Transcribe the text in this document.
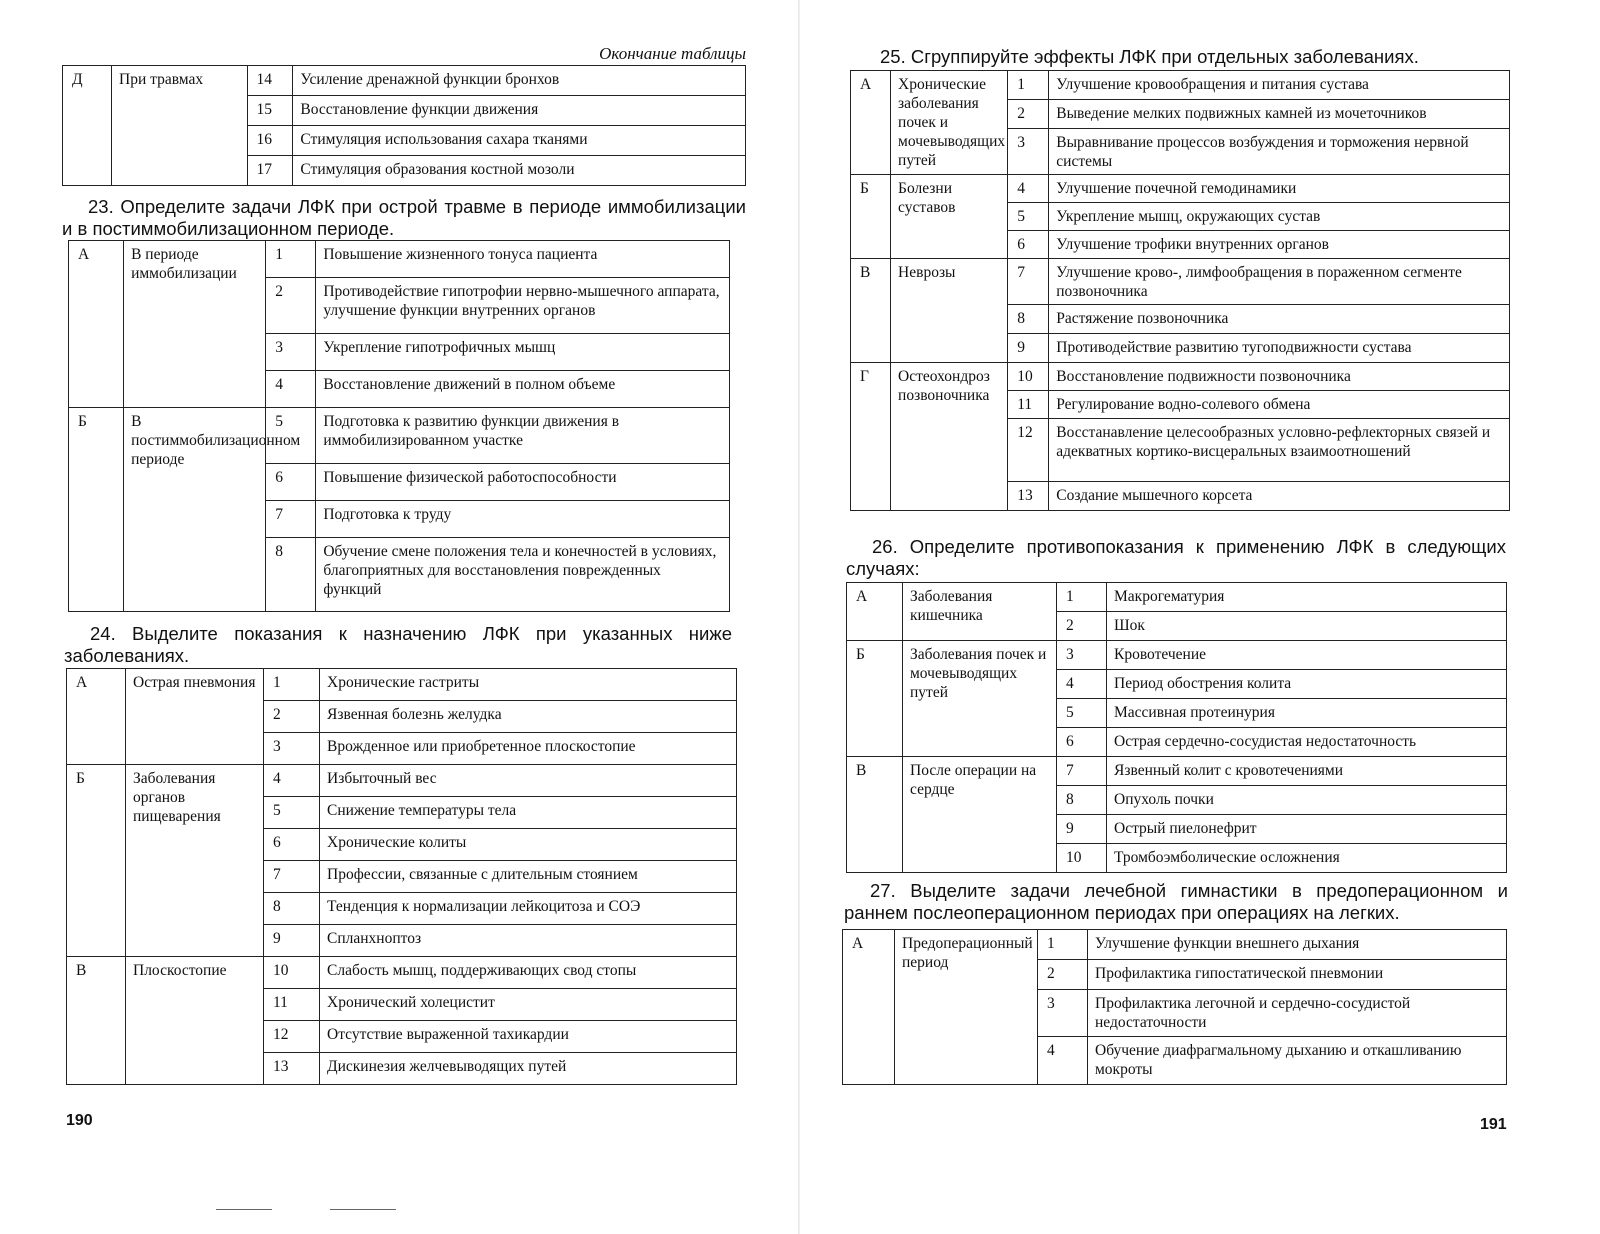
Окончание таблицы
Д	При травмах	14	Усиление дренажной функции бронхов
		15	Восстановление функции движения
		16	Стимуляция использования сахара тканями
		17	Стимуляция образования костной мозоли

23. Определите задачи ЛФК при острой травме в периоде иммобилизации и в постиммобилизационном периоде.

А	В периоде иммобилизации	1	Повышение жизненного тонуса пациента
		2	Противодействие гипотрофии нервно-мышечного аппарата, улучшение функции внутренних органов
		3	Укрепление гипотрофичных мышц
		4	Восстановление движений в полном объеме
Б	В постиммобилизационном периоде	5	Подготовка к развитию функции движения в иммобилизированном участке
		6	Повышение физической работоспособности
		7	Подготовка к труду
		8	Обучение смене положения тела и конечностей в условиях, благоприятных для восстановления поврежденных функций

24. Выделите показания к назначению ЛФК при указанных ниже заболеваниях.

А	Острая пневмония	1	Хронические гастриты
		2	Язвенная болезнь желудка
		3	Врожденное или приобретенное плоскостопие
Б	Заболевания органов пищеварения	4	Избыточный вес
		5	Снижение температуры тела
		6	Хронические колиты
		7	Профессии, связанные с длительным стоянием
		8	Тенденция к нормализации лейкоцитоза и СОЭ
		9	Спланхноптоз
В	Плоскостопие	10	Слабость мышц, поддерживающих свод стопы
		11	Хронический холецистит
		12	Отсутствие выраженной тахикардии
		13	Дискинезия желчевыводящих путей
190

25. Сгруппируйте эффекты ЛФК при отдельных заболеваниях.

А	Хронические заболевания почек и мочевыводящих путей	1	Улучшение кровообращения и питания сустава
		2	Выведение мелких подвижных камней из мочеточников
		3	Выравнивание процессов возбуждения и торможения нервной системы
Б	Болезни суставов	4	Улучшение почечной гемодинамики
		5	Укрепление мышц, окружающих сустав
		6	Улучшение трофики внутренних органов
В	Неврозы	7	Улучшение крово-, лимфообращения в пораженном сегменте позвоночника
		8	Растяжение позвоночника
		9	Противодействие развитию тугоподвижности сустава
Г	Остеохондроз позвоночника	10	Восстановление подвижности позвоночника
		11	Регулирование водно-солевого обмена
		12	Восстанавление целесообразных условно-рефлекторных связей и адекватных кортико-висцеральных взаимоотношений
		13	Создание мышечного корсета

26. Определите противопоказания к применению ЛФК в следующих случаях:

А	Заболевания кишечника	1	Макрогематурия
		2	Шок
Б	Заболевания почек и мочевыводящих путей	3	Кровотечение
		4	Период обострения колита
		5	Массивная протеинурия
		6	Острая сердечно-сосудистая недостаточность
В	После операции на сердце	7	Язвенный колит с кровотечениями
		8	Опухоль почки
		9	Острый пиелонефрит
		10	Тромбоэмболические осложнения

27. Выделите задачи лечебной гимнастики в предоперационном и раннем послеоперационном периодах при операциях на легких.

А	Предоперационный период	1	Улучшение функции внешнего дыхания
		2	Профилактика гипостатической пневмонии
		3	Профилактика легочной и сердечно-сосудистой недостаточности
		4	Обучение диафрагмальному дыханию и откашливанию мокроты
191
